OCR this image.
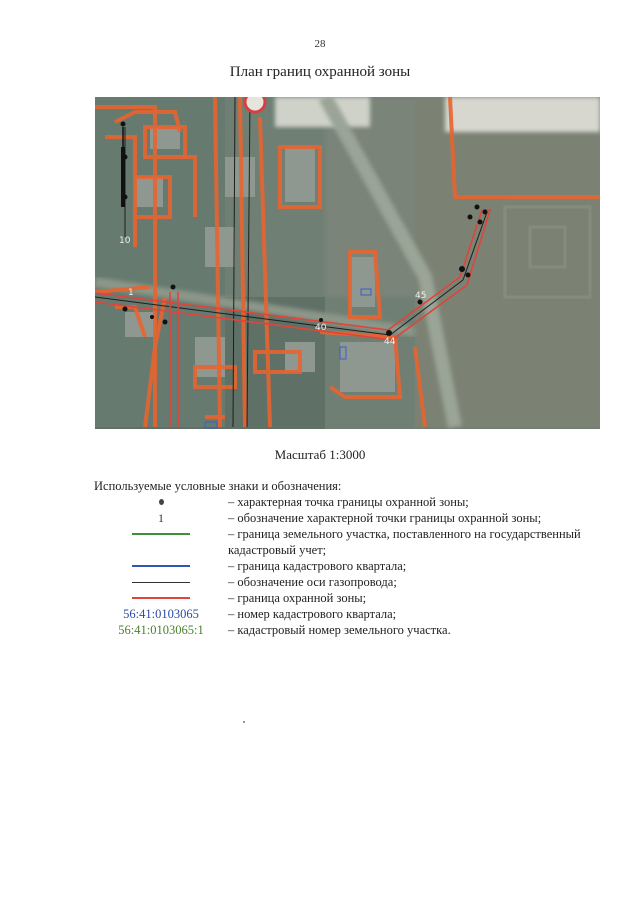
28
План границ охранной зоны
10
1
40
44
45
Масштаб 1:3000
Используемые условные знаки и обозначения:
– характерная точка границы охранной зоны;
1	– обозначение характерной точки границы охранной зоны;
– граница земельного участка, поставленного на государственный кадастровый учет;
– граница кадастрового квартала;
– обозначение оси газопровода;
– граница охранной зоны;
56:41:0103065 – номер кадастрового квартала;
56:41:0103065:1 – кадастровый номер земельного участка.
